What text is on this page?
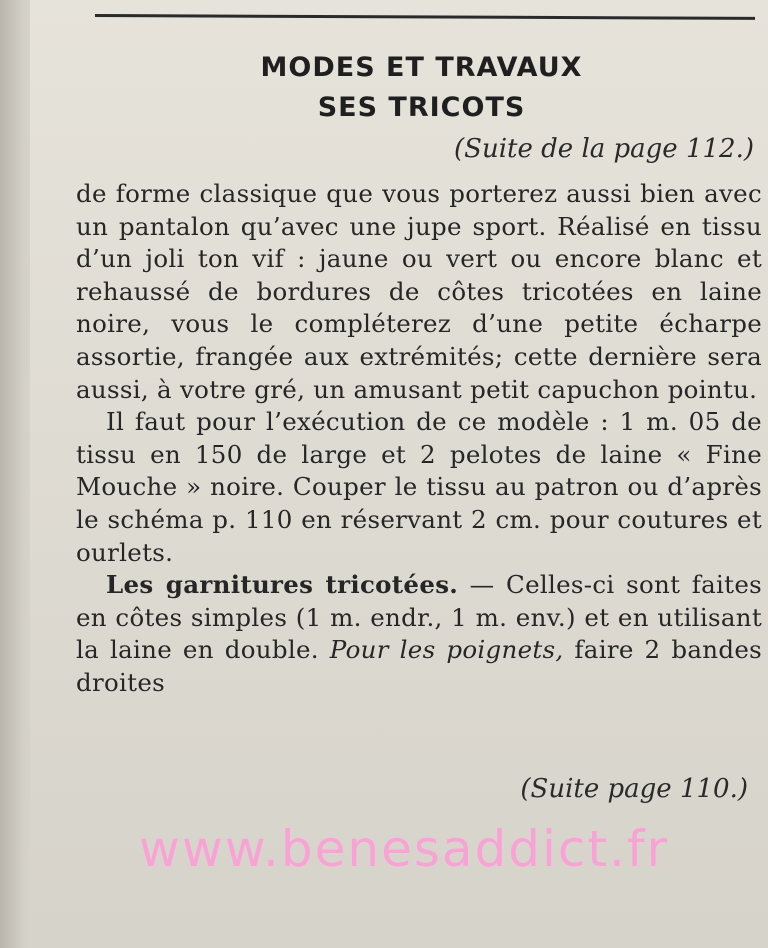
MODES ET TRAVAUX
SES TRICOTS

(Suite de la page 112.)

de forme classique que vous porterez aussi bien avec un pantalon qu’avec une jupe sport. Réalisé en tissu d’un joli ton vif : jaune ou vert ou encore blanc et rehaussé de bordures de côtes tricotées en laine noire, vous le compléterez d’une petite écharpe assortie, frangée aux extrémités; cette dernière sera aussi, à votre gré, un amusant petit capuchon pointu.

Il faut pour l’exécution de ce modèle : 1 m. 05 de tissu en 150 de large et 2 pelotes de laine « Fine Mouche » noire. Couper le tissu au patron ou d’après le schéma p. 110 en réservant 2 cm. pour coutures et ourlets.

Les garnitures tricotées. — Celles-ci sont faites en côtes simples (1 m. endr., 1 m. env.) et en utilisant la laine en double. Pour les poignets, faire 2 bandes droites

(Suite page 110.)

www.benesaddict.fr
